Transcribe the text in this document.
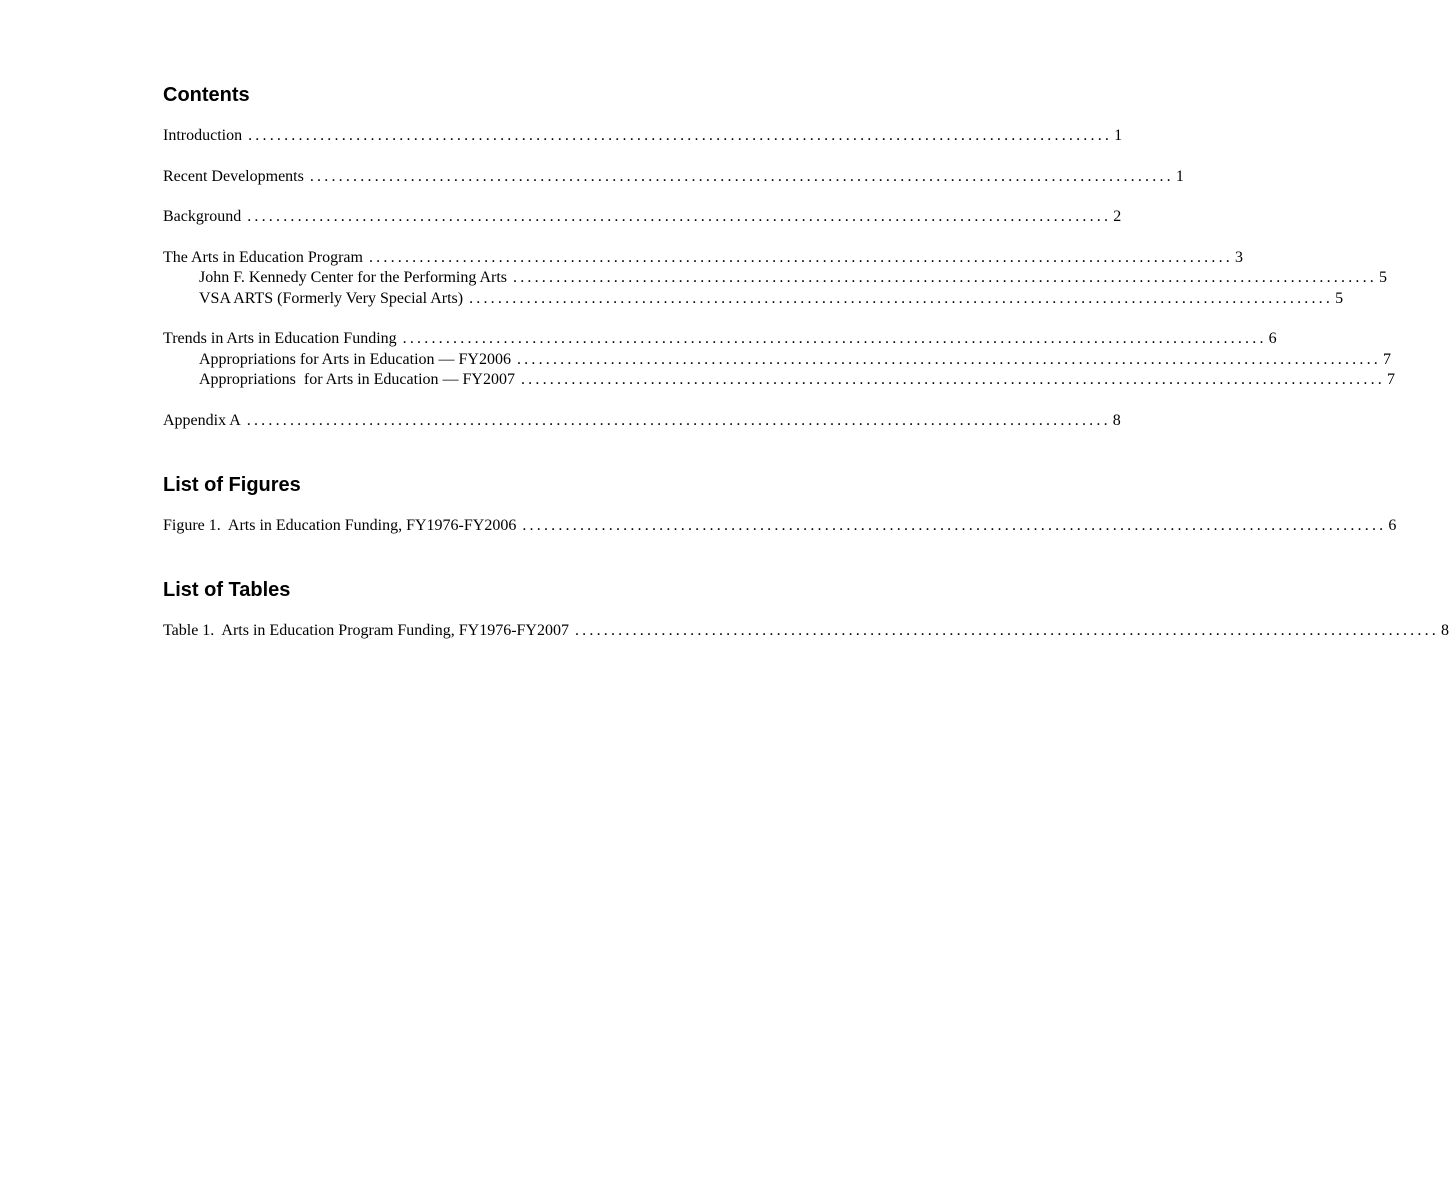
Contents
Introduction ........................................................................................................................ 1
Recent Developments ........................................................................................................................ 1
Background ........................................................................................................................ 2
The Arts in Education Program ........................................................................................................................ 3
John F. Kennedy Center for the Performing Arts ........................................................................................................................ 5
VSA ARTS (Formerly Very Special Arts) ........................................................................................................................ 5
Trends in Arts in Education Funding ........................................................................................................................ 6
Appropriations for Arts in Education — FY2006 ........................................................................................................................ 7
Appropriations  for Arts in Education — FY2007 ........................................................................................................................ 7
Appendix A ........................................................................................................................ 8
List of Figures
Figure 1.  Arts in Education Funding, FY1976-FY2006 ........................................................................................................................ 6
List of Tables
Table 1.  Arts in Education Program Funding, FY1976-FY2007 ........................................................................................................................ 8
